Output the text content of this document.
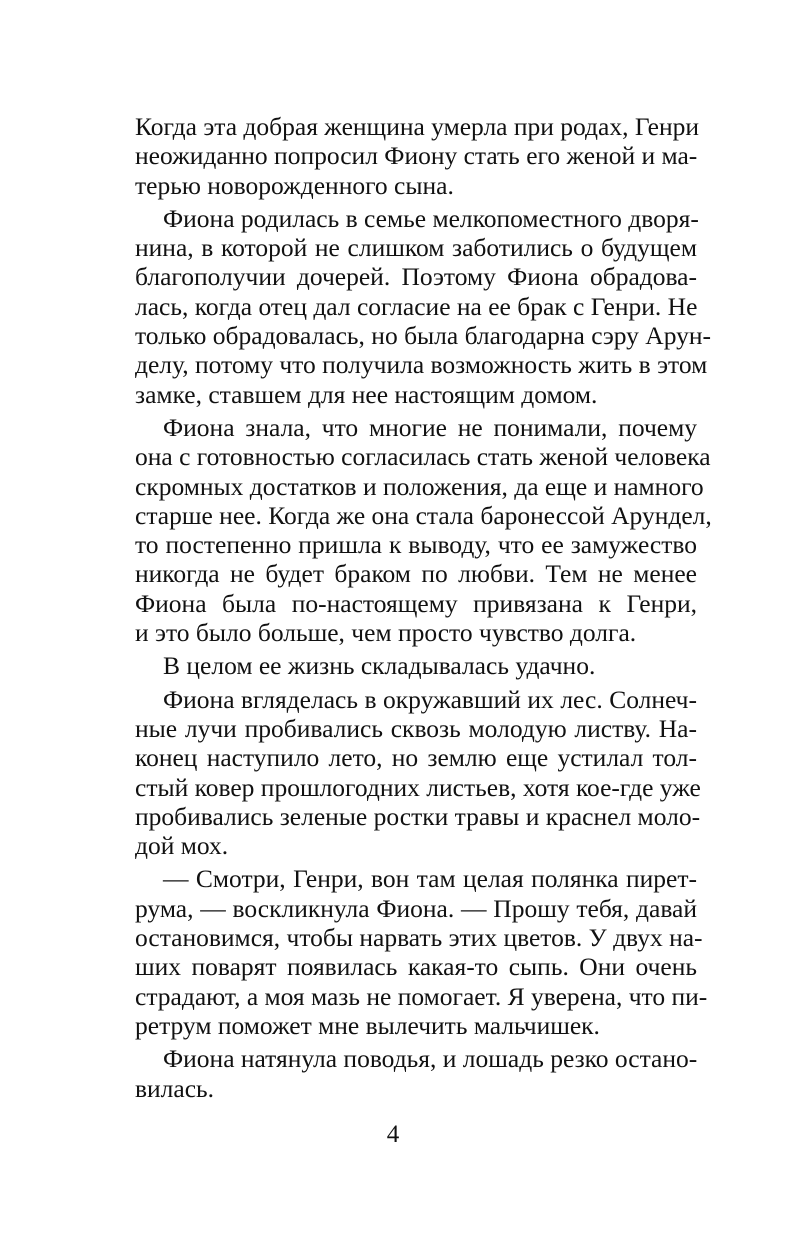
Когда эта добрая женщина умерла при родах, Генри
неожиданно попросил Фиону стать его женой и ма-
терью новорожденного сына.
Фиона родилась в семье мелкопоместного дворя-
нина, в которой не слишком заботились о будущем
благополучии дочерей. Поэтому Фиона обрадова-
лась, когда отец дал согласие на ее брак с Генри. Не
только обрадовалась, но была благодарна сэру Арун-
делу, потому что получила возможность жить в этом
замке, ставшем для нее настоящим домом.
Фиона знала, что многие не понимали, почему
она с готовностью согласилась стать женой человека
скромных достатков и положения, да еще и намного
старше нее. Когда же она стала баронессой Арундел,
то постепенно пришла к выводу, что ее замужество
никогда не будет браком по любви. Тем не менее
Фиона была по-настоящему привязана к Генри,
и это было больше, чем просто чувство долга.
В целом ее жизнь складывалась удачно.
Фиона вгляделась в окружавший их лес. Солнеч-
ные лучи пробивались сквозь молодую листву. На-
конец наступило лето, но землю еще устилал тол-
стый ковер прошлогодних листьев, хотя кое-где уже
пробивались зеленые ростки травы и краснел моло-
дой мох.
— Смотри, Генри, вон там целая полянка пирет-
рума, — воскликнула Фиона. — Прошу тебя, давай
остановимся, чтобы нарвать этих цветов. У двух на-
ших поварят появилась какая-то сыпь. Они очень
страдают, а моя мазь не помогает. Я уверена, что пи-
ретрум поможет мне вылечить мальчишек.
Фиона натянула поводья, и лошадь резко остано-
вилась.
4
